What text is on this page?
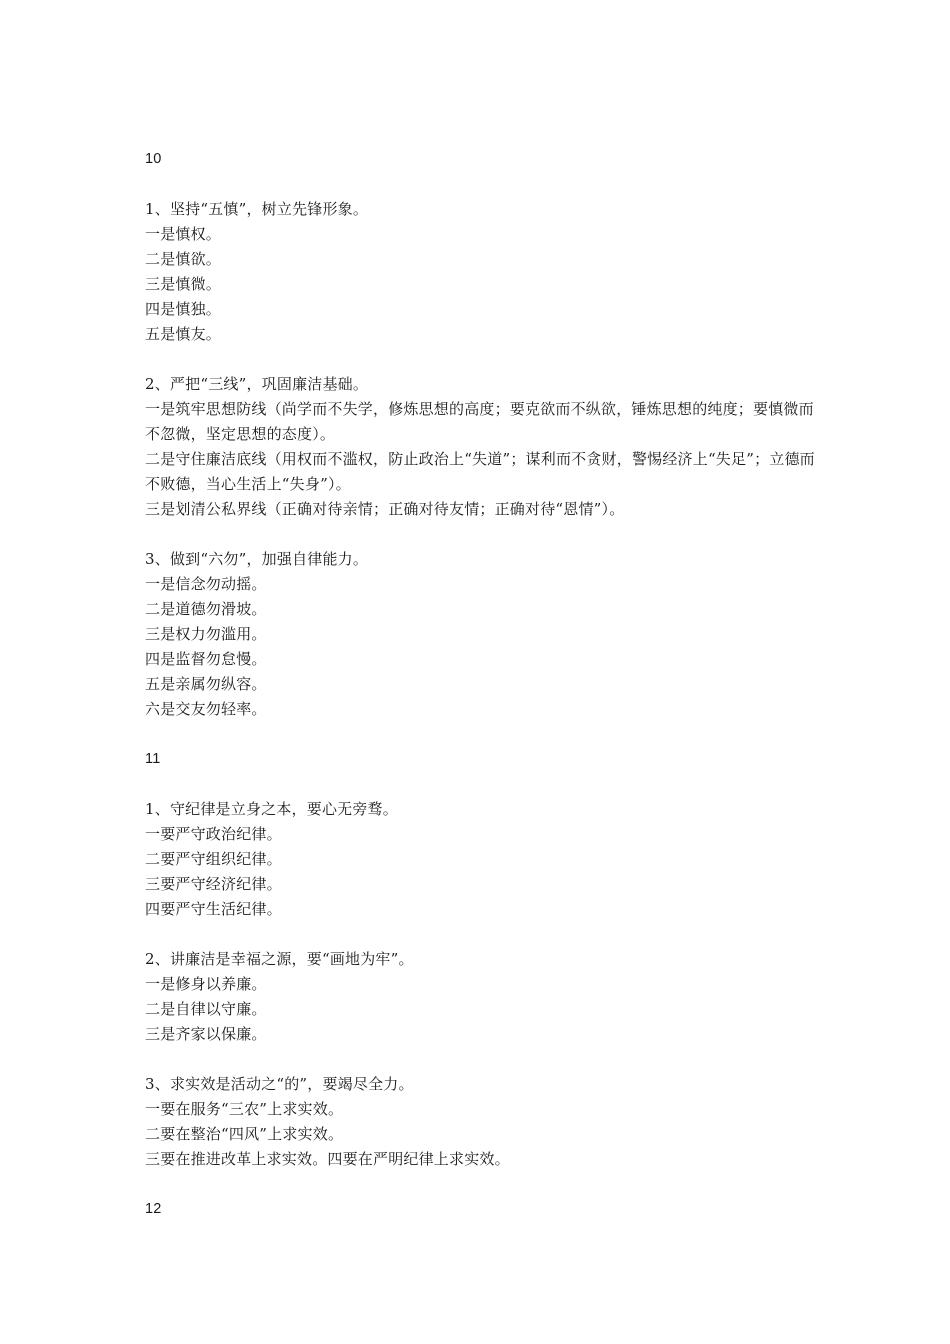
10
1、坚持“五慎”，树立先锋形象。
一是慎权。
二是慎欲。
三是慎微。
四是慎独。
五是慎友。
2、严把“三线”，巩固廉洁基础。
一是筑牢思想防线（尚学而不失学，修炼思想的高度；要克欲而不纵欲，锤炼思想的纯度；要慎微而不忽微，坚定思想的态度）。
二是守住廉洁底线（用权而不滥权，防止政治上“失道”；谋利而不贪财，警惕经济上“失足”；立德而不败德，当心生活上“失身”）。
三是划清公私界线（正确对待亲情；正确对待友情；正确对待“恩情”）。
3、做到“六勿”，加强自律能力。
一是信念勿动摇。
二是道德勿滑坡。
三是权力勿滥用。
四是监督勿怠慢。
五是亲属勿纵容。
六是交友勿轻率。
11
1、守纪律是立身之本，要心无旁骛。
一要严守政治纪律。
二要严守组织纪律。
三要严守经济纪律。
四要严守生活纪律。
2、讲廉洁是幸福之源，要“画地为牢”。
一是修身以养廉。
二是自律以守廉。
三是齐家以保廉。
3、求实效是活动之“的”，要竭尽全力。
一要在服务“三农”上求实效。
二要在整治“四风”上求实效。
三要在推进改革上求实效。四要在严明纪律上求实效。
12
